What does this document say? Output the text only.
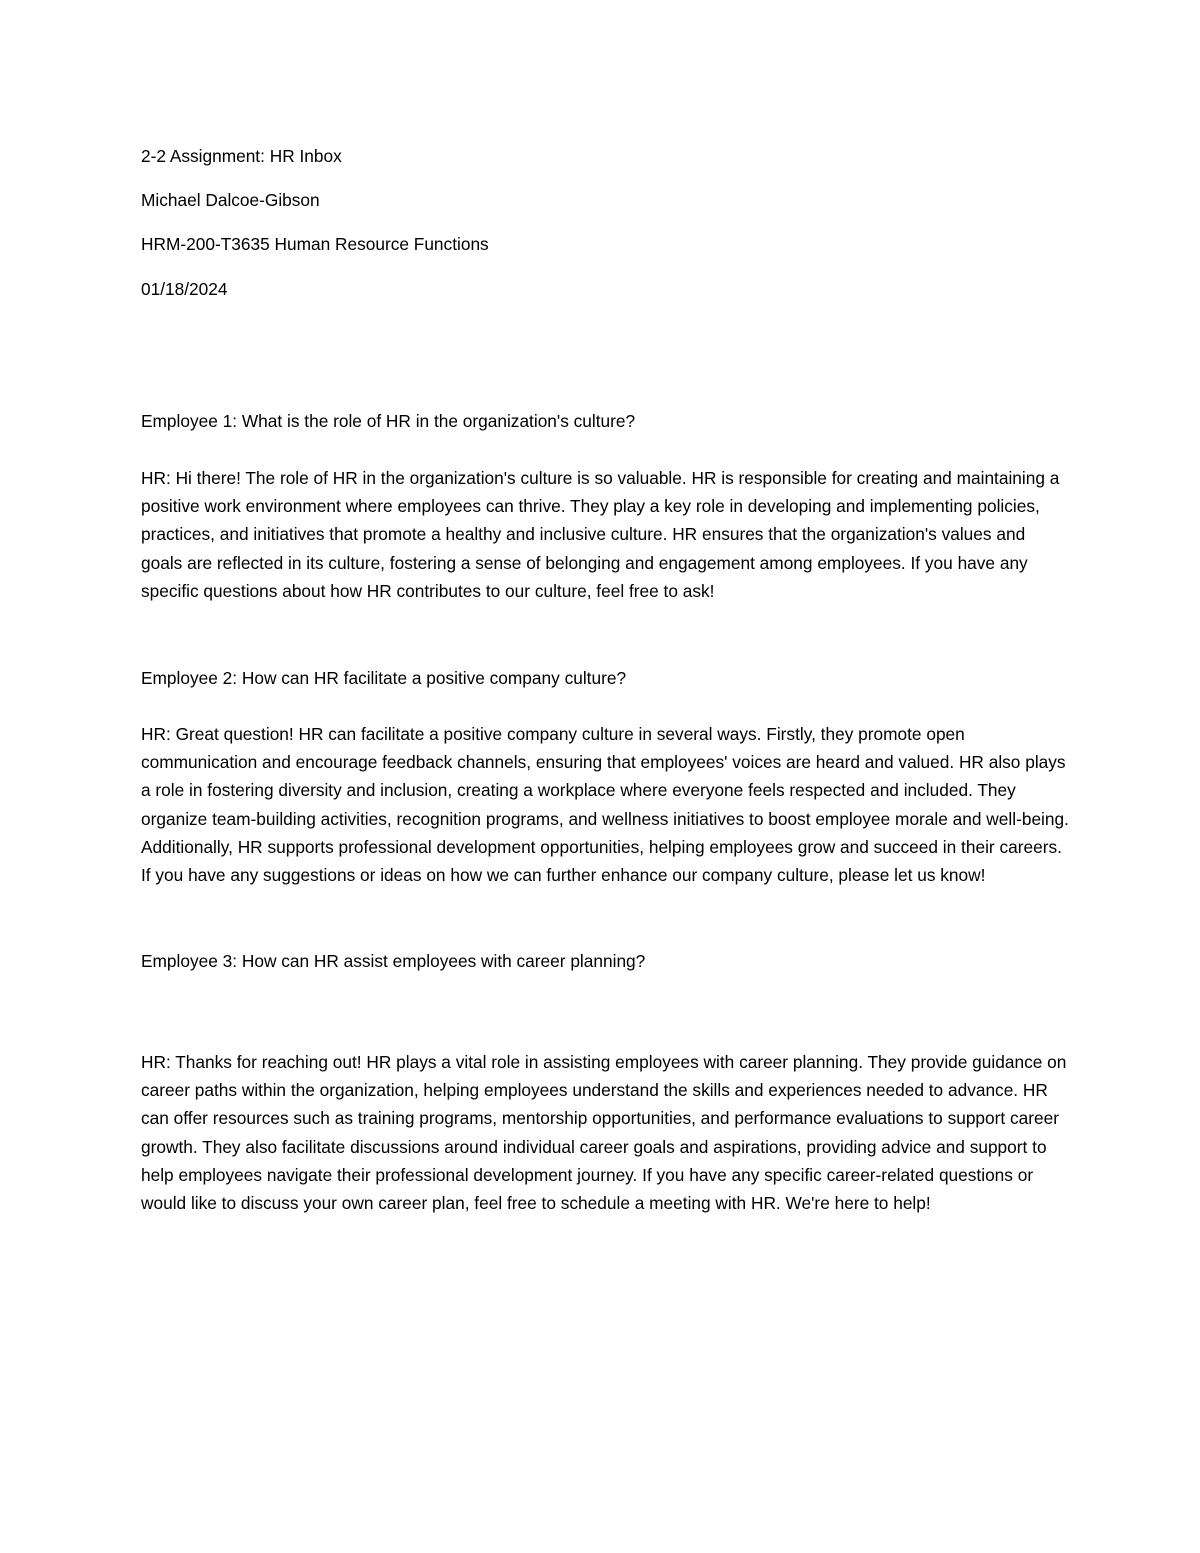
2-2 Assignment: HR Inbox

Michael Dalcoe-Gibson

HRM-200-T3635 Human Resource Functions

01/18/2024

Employee 1: What is the role of HR in the organization's culture?

HR: Hi there! The role of HR in the organization's culture is so valuable. HR is responsible for creating and maintaining a positive work environment where employees can thrive. They play a key role in developing and implementing policies, practices, and initiatives that promote a healthy and inclusive culture. HR ensures that the organization's values and goals are reflected in its culture, fostering a sense of belonging and engagement among employees. If you have any specific questions about how HR contributes to our culture, feel free to ask!

Employee 2: How can HR facilitate a positive company culture?

HR: Great question! HR can facilitate a positive company culture in several ways. Firstly, they promote open communication and encourage feedback channels, ensuring that employees' voices are heard and valued. HR also plays a role in fostering diversity and inclusion, creating a workplace where everyone feels respected and included. They organize team-building activities, recognition programs, and wellness initiatives to boost employee morale and well-being. Additionally, HR supports professional development opportunities, helping employees grow and succeed in their careers. If you have any suggestions or ideas on how we can further enhance our company culture, please let us know!

Employee 3: How can HR assist employees with career planning?

HR: Thanks for reaching out! HR plays a vital role in assisting employees with career planning. They provide guidance on career paths within the organization, helping employees understand the skills and experiences needed to advance. HR can offer resources such as training programs, mentorship opportunities, and performance evaluations to support career growth. They also facilitate discussions around individual career goals and aspirations, providing advice and support to help employees navigate their professional development journey. If you have any specific career-related questions or would like to discuss your own career plan, feel free to schedule a meeting with HR. We're here to help!
